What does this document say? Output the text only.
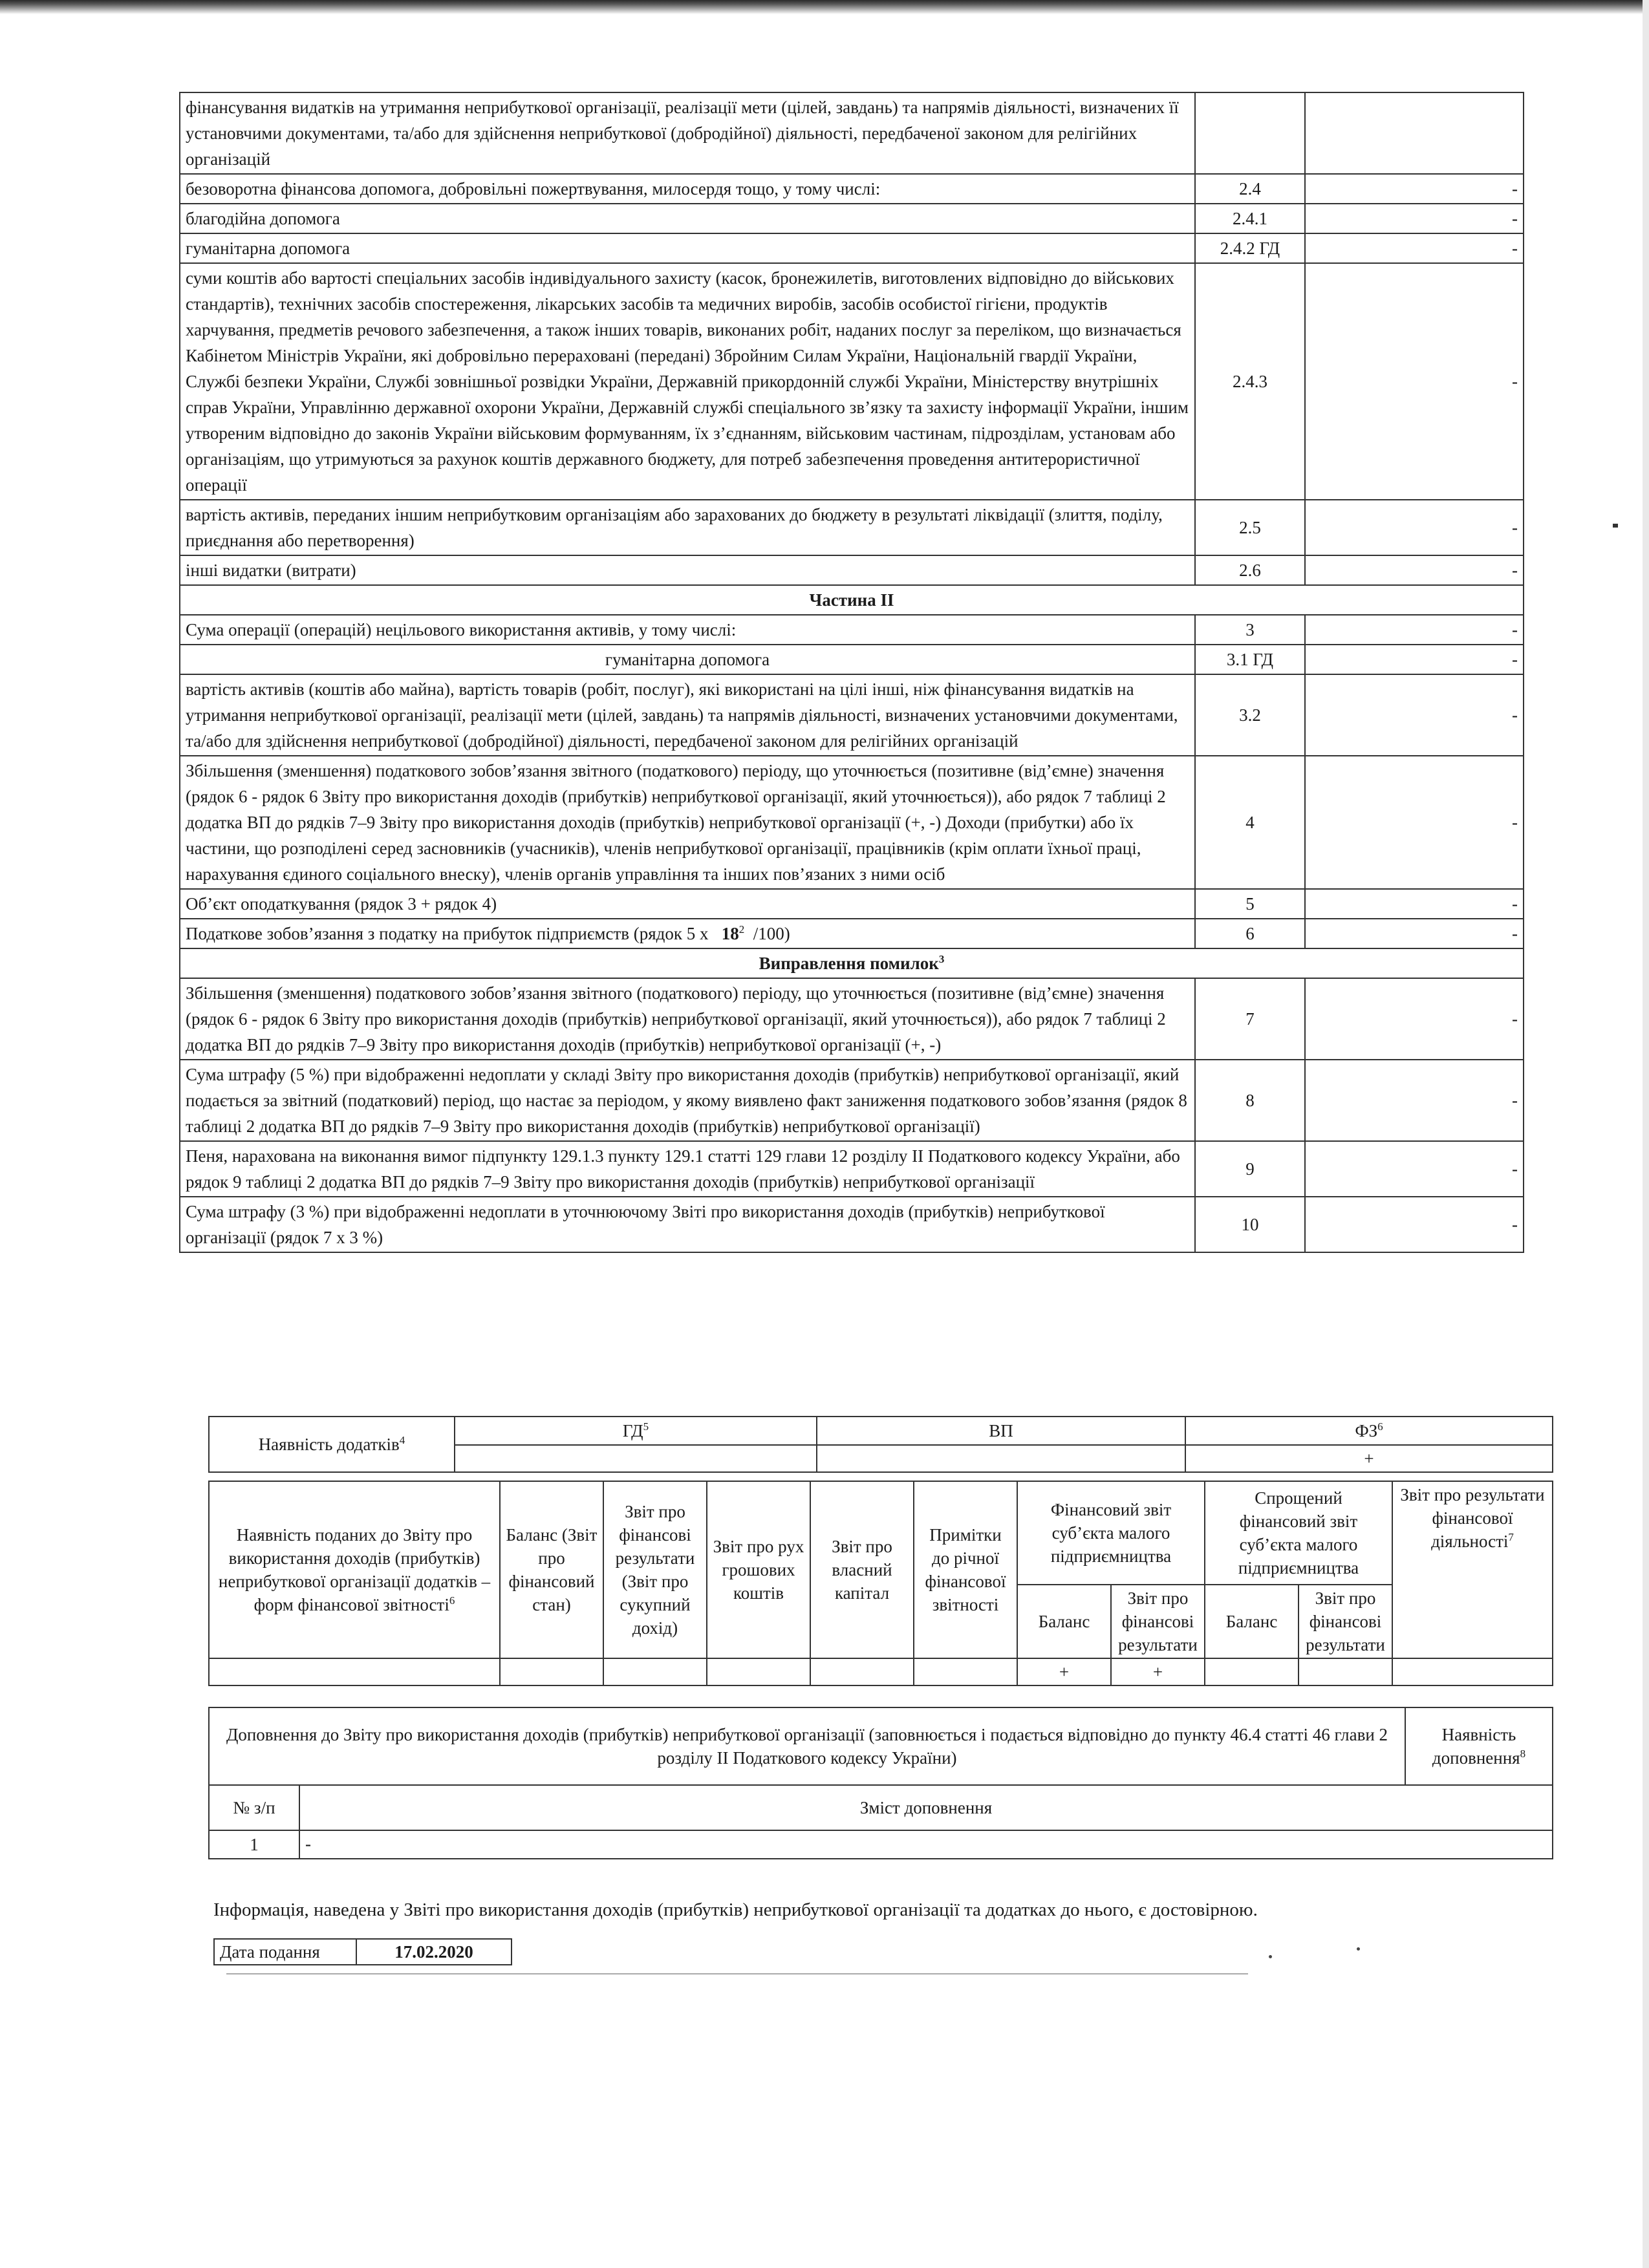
фінансування видатків на утримання неприбуткової організації, реалізації мети (цілей, завдань) та напрямів діяльності, визначених її установчими документами, та/або для здійснення неприбуткової (добродійної) діяльності, передбаченої законом для релігійних організацій		
безоворотна фінансова допомога, добровільні пожертвування, милосердя тощо, у тому числі:	2.4	-
благодійна допомога	2.4.1	-
гуманітарна допомога	2.4.2 ГД	-
суми коштів або вартості спеціальних засобів індивідуального захисту (касок, бронежилетів, виготовлених відповідно до військових стандартів), технічних засобів спостереження, лікарських засобів та медичних виробів, засобів особистої гігієни, продуктів харчування, предметів речового забезпечення, а також інших товарів, виконаних робіт, наданих послуг за переліком, що визначається Кабінетом Міністрів України, які добровільно перераховані (передані) Збройним Силам України, Національній гвардії України, Службі безпеки України, Службі зовнішньої розвідки України, Державній прикордонній службі України, Міністерству внутрішніх справ України, Управлінню державної охорони України, Державній службі спеціального зв’язку та захисту інформації України, іншим утвореним відповідно до законів України військовим формуванням, їх з’єднанням, військовим частинам, підрозділам, установам або організаціям, що утримуються за рахунок коштів державного бюджету, для потреб забезпечення проведення антитерористичної операції	2.4.3	-
вартість активів, переданих іншим неприбутковим організаціям або зарахованих до бюджету в результаті ліквідації (злиття, поділу, приєднання або перетворення)	2.5	-
інші видатки (витрати)	2.6	-
Частина ІІ		
Сума операції (операцій) нецільового використання активів, у тому числі:	3	-
гуманітарна допомога	3.1 ГД	-
вартість активів (коштів або майна), вартість товарів (робіт, послуг), які використані на цілі інші, ніж фінансування видатків на утримання неприбуткової організації, реалізації мети (цілей, завдань) та напрямів діяльності, визначених установчими документами, та/або для здійснення неприбуткової (добродійної) діяльності, передбаченої законом для релігійних організацій	3.2	-
Збільшення (зменшення) податкового зобов’язання звітного (податкового) періоду, що уточнюється (позитивне (від’ємне) значення (рядок 6 - рядок 6 Звіту про використання доходів (прибутків) неприбуткової організації, який уточнюється)), або рядок 7 таблиці 2 додатка ВП до рядків 7–9 Звіту про використання доходів (прибутків) неприбуткової організації (+, -) Доходи (прибутки) або їх частини, що розподілені серед засновників (учасників), членів неприбуткової організації, працівників (крім оплати їхньої праці, нарахування єдиного соціального внеску), членів органів управління та інших пов’язаних з ними осіб	4	-
Об’єкт оподаткування (рядок 3 + рядок 4)	5	-
Податкове зобов’язання з податку на прибуток підприємств (рядок 5 х $18^2$ /100)	6	-
Виправлення помилок$^3$
Збільшення (зменшення) податкового зобов’язання звітного (податкового) періоду, що уточнюється (позитивне (від’ємне) значення (рядок 6 - рядок 6 Звіту про використання доходів (прибутків) неприбуткової організації, який уточнюється)), або рядок 7 таблиці 2 додатка ВП до рядків 7–9 Звіту про використання доходів (прибутків) неприбуткової організації (+, -)	7	-
Сума штрафу (5 %) при відображенні недоплати у складі Звіту про використання доходів (прибутків) неприбуткової організації, який подається за звітний (податковий) період, що настає за періодом, у якому виявлено факт заниження податкового зобов’язання (рядок 8 таблиці 2 додатка ВП до рядків 7–9 Звіту про використання доходів (прибутків) неприбуткової організації)	8	-
Пеня, нарахована на виконання вимог підпункту 129.1.3 пункту 129.1 статті 129 глави 12 розділу ІІ Податкового кодексу України, або рядок 9 таблиці 2 додатка ВП до рядків 7–9 Звіту про використання доходів (прибутків) неприбуткової організації	9	-
Сума штрафу (3 %) при відображенні недоплати в уточнюючому Звіті про використання доходів (прибутків) неприбуткової організації (рядок 7 х 3 %)	10	-
Наявність додатків$^4$	$ГД^5$	ВП	$ФЗ^6$
			+
Наявність поданих до Звіту про використання доходів (прибутків) неприбуткової організації додатків – форм фінансової звітності$^6$	Баланс (Звіт про фінансовий стан)	Звіт про фінансові результати (Звіт про сукупний дохід)	Звіт про рух грошових коштів	Звіт про власний капітал	Примітки до річної фінансової звітності	Фінансовий звіт суб’єкта малого підприємництва		Спрощений фінансовий звіт суб’єкта малого підприємництва		Звіт про результати фінансової діяльності$^7$
						Баланс	Звіт про фінансові результати	Баланс	Звіт про фінансові результати	
						+	+			
Доповнення до Звіту про використання доходів (прибутків) неприбуткової організації (заповнюється і подається відповідно до пункту 46.4 статті 46 глави 2 розділу ІІ Податкового кодексу України)		Наявність доповнення$^8$
№ з/п	Зміст доповнення	
1	-	
Інформація, наведена у Звіті про використання доходів (прибутків) неприбуткової організації та додатках до нього, є достовірною.
Дата подання	17.02.2020
